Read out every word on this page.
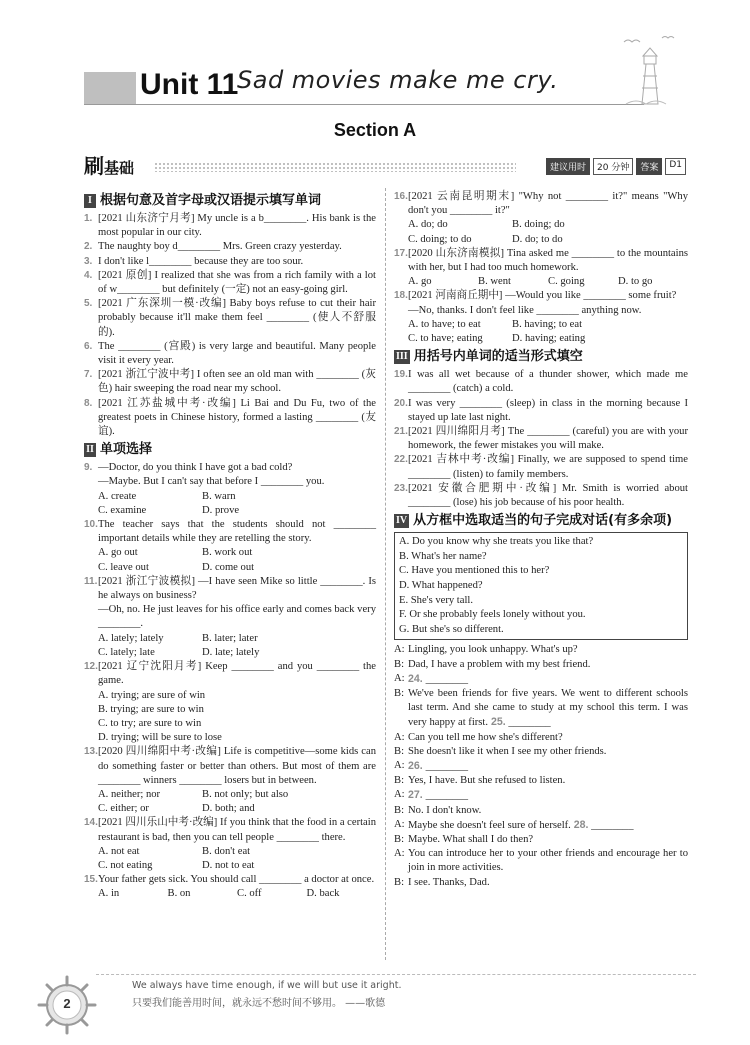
Unit 11
Sad movies make me cry.
Section A
刷基础	建议用时	20 分钟	答案	D1
I 根据句意及首字母或汉语提示填写单词
1. [2021 山东济宁月考] My uncle is a b________. His bank is the most popular in our city.
2. The naughty boy d________ Mrs. Green crazy yesterday.
3. I don't like l________ because they are too sour.
4. [2021 原创] I realized that she was from a rich family with a lot of w________ but definitely (一定) not an easy-going girl.
5. [2021 广东深圳一模·改编] Baby boys refuse to cut their hair probably because it'll make them feel ________ (使人不舒服的).
6. The ________ (宫殿) is very large and beautiful. Many people visit it every year.
7. [2021 浙江宁波中考] I often see an old man with ________ (灰色) hair sweeping the road near my school.
8. [2021 江苏盐城中考·改编] Li Bai and Du Fu, two of the greatest poets in Chinese history, formed a lasting ________ (友谊).
II 单项选择
9. —Doctor, do you think I have got a bad cold?
—Maybe. But I can't say that before I ________ you.
A. create	B. warn
C. examine	D. prove
10. The teacher says that the students should not ________ important details while they are retelling the story.
A. go out	B. work out
C. leave out	D. come out
11. [2021 浙江宁波模拟] —I have seen Mike so little ________. Is he always on business?
—Oh, no. He just leaves for his office early and comes back very ________.
A. lately; lately	B. later; later
C. lately; late	D. late; lately
12. [2021 辽宁沈阳月考] Keep ________ and you ________ the game.
A. trying; are sure of win
B. trying; are sure to win
C. to try; are sure to win
D. trying; will be sure to lose
13. [2020 四川绵阳中考·改编] Life is competitive—some kids can do something faster or better than others. But most of them are ________ winners ________ losers but in between.
A. neither; nor	B. not only; but also
C. either; or	D. both; and
14. [2021 四川乐山中考·改编] If you think that the food in a certain restaurant is bad, then you can tell people ________ there.
A. not eat	B. don't eat
C. not eating	D. not to eat
15. Your father gets sick. You should call ________ a doctor at once.
A. in	B. on	C. off	D. back
16. [2021 云南昆明期末] "Why not ________ it?" means "Why don't you ________ it?"
A. do; do	B. doing; do
C. doing; to do	D. do; to do
17. [2020 山东济南模拟] Tina asked me ________ to the mountains with her, but I had too much homework.
A. go	B. went	C. going	D. to go
18. [2021 河南商丘期中] —Would you like ________ some fruit?
—No, thanks. I don't feel like ________ anything now.
A. to have; to eat	B. having; to eat
C. to have; eating	D. having; eating
III 用括号内单词的适当形式填空
19. I was all wet because of a thunder shower, which made me ________ (catch) a cold.
20. I was very ________ (sleep) in class in the morning because I stayed up late last night.
21. [2021 四川绵阳月考] The ________ (careful) you are with your homework, the fewer mistakes you will make.
22. [2021 吉林中考·改编] Finally, we are supposed to spend time ________ (listen) to family members.
23. [2021 安徽合肥期中·改编] Mr. Smith is worried about ________ (lose) his job because of his poor health.
IV 从方框中选取适当的句子完成对话(有多余项)
A. Do you know why she treats you like that?
B. What's her name?
C. Have you mentioned this to her?
D. What happened?
E. She's very tall.
F. Or she probably feels lonely without you.
G. But she's so different.
A: Lingling, you look unhappy. What's up?
B: Dad, I have a problem with my best friend.
A: 24. ________
B: We've been friends for five years. We went to different schools last term. And she came to study at my school this term. I was very happy at first. 25. ________
A: Can you tell me how she's different?
B: She doesn't like it when I see my other friends.
A: 26. ________
B: Yes, I have. But she refused to listen.
A: 27. ________
B: No. I don't know.
A: Maybe she doesn't feel sure of herself. 28. ________
B: Maybe. What shall I do then?
A: You can introduce her to your other friends and encourage her to join in more activities.
B: I see. Thanks, Dad.
2
We always have time enough, if we will but use it aright.
只要我们能善用时间，就永远不愁时间不够用。 ——歌德
